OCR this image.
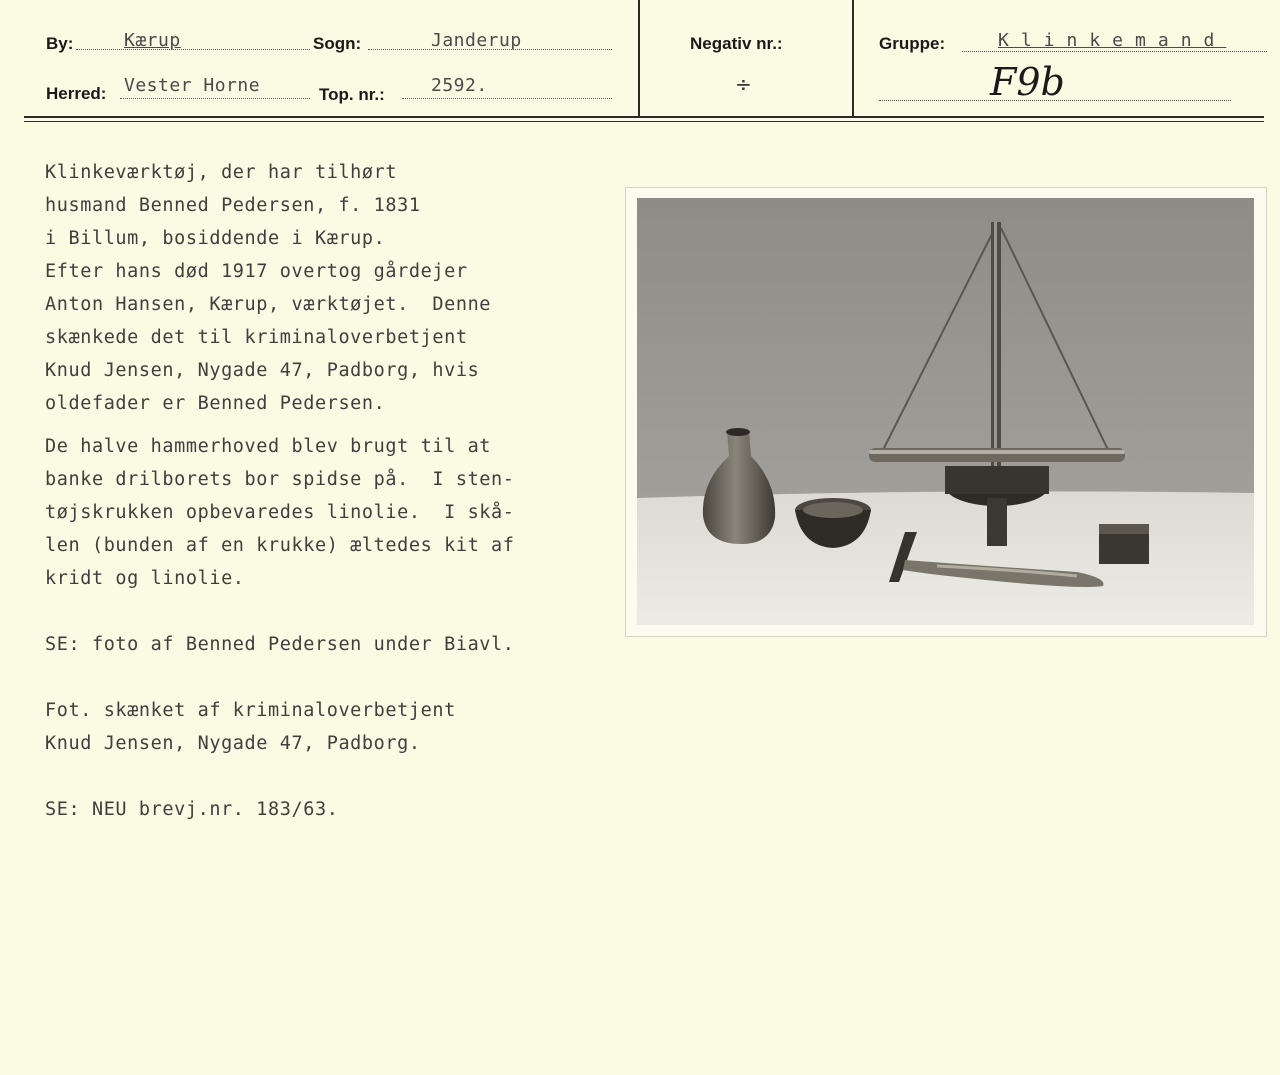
By:	Kærup	Sogn:	Janderup
Herred: Vester Horne	Top. nr.:	2592.
Negativ nr.:
÷
Gruppe:	Klinkemand
F9b
Klinkeværktøj, der har tilhørt
husmand Benned Pedersen, f. 1831
i Billum, bosiddende i Kærup.
Efter hans død 1917 overtog gårdejer
Anton Hansen, Kærup, værktøjet.  Denne
skænkede det til kriminaloverbetjent
Knud Jensen, Nygade 47, Padborg, hvis
oldefader er Benned Pedersen.
De halve hammerhoved blev brugt til at
banke drilborets bor spidse på.  I sten-
tøjskrukken opbevaredes linolie.  I skå-
len (bunden af en krukke) æltedes kit af
kridt og linolie.
SE: foto af Benned Pedersen under Biavl.
Fot. skænket af kriminaloverbetjent
Knud Jensen, Nygade 47, Padborg.
SE: NEU brevj.nr. 183/63.
